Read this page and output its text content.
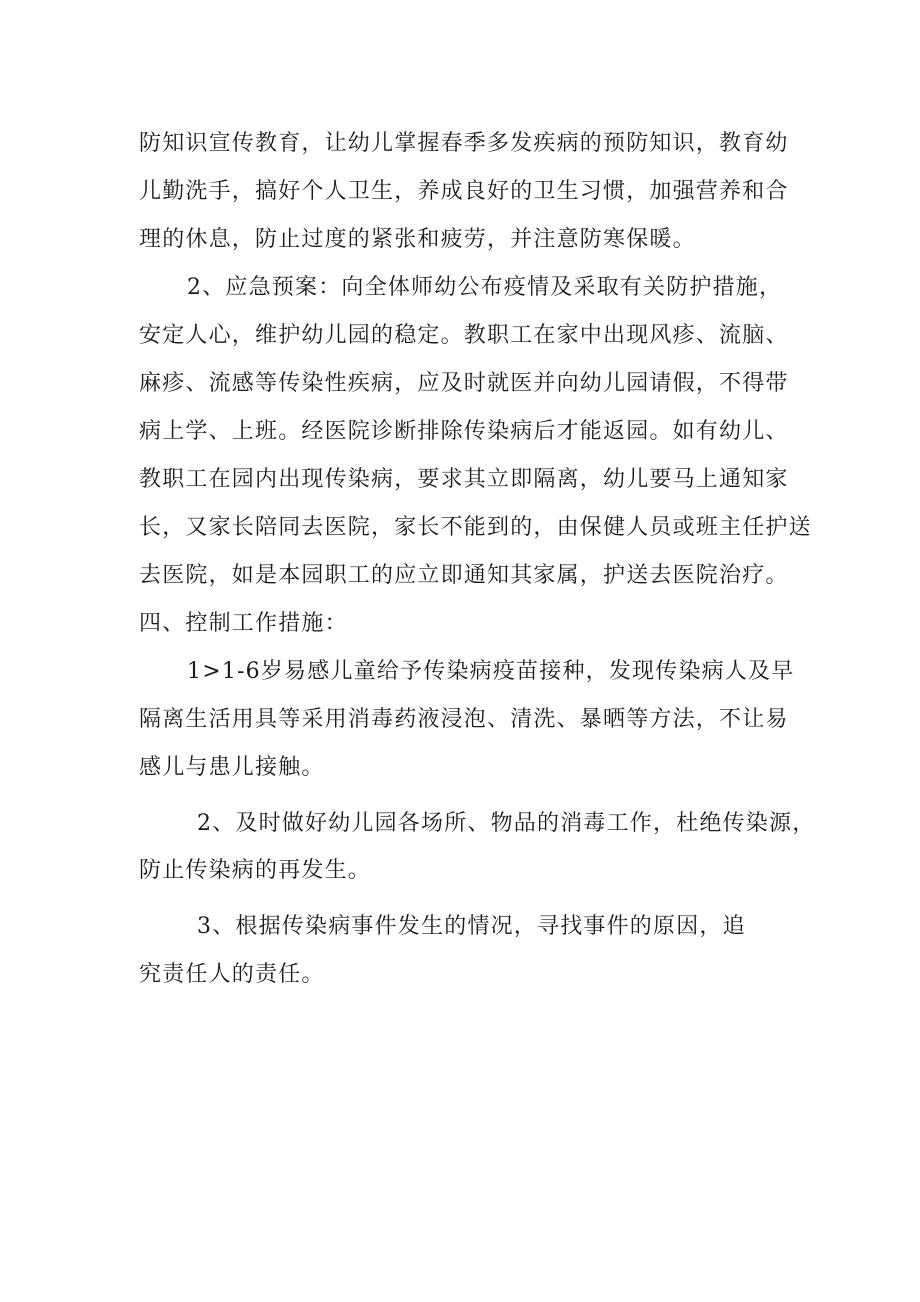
防知识宣传教育，让幼儿掌握春季多发疾病的预防知识，教育幼
儿勤洗手，搞好个人卫生，养成良好的卫生习惯，加强营养和合
理的休息，防止过度的紧张和疲劳，并注意防寒保暖。
2、应急预案：向全体师幼公布疫情及采取有关防护措施，
安定人心，维护幼儿园的稳定。教职工在家中出现风疹、流脑、
麻疹、流感等传染性疾病，应及时就医并向幼儿园请假，不得带
病上学、上班。经医院诊断排除传染病后才能返园。如有幼儿、
教职工在园内出现传染病，要求其立即隔离，幼儿要马上通知家
长，又家长陪同去医院，家长不能到的，由保健人员或班主任护送
去医院，如是本园职工的应立即通知其家属，护送去医院治疗。
四、控制工作措施：
1>1-6岁易感儿童给予传染病疫苗接种，发现传染病人及早
隔离生活用具等采用消毒药液浸泡、清洗、暴晒等方法，不让易
感儿与患儿接触。
2、及时做好幼儿园各场所、物品的消毒工作，杜绝传染源，
防止传染病的再发生。
3、根据传染病事件发生的情况，寻找事件的原因，追
究责任人的责任。
